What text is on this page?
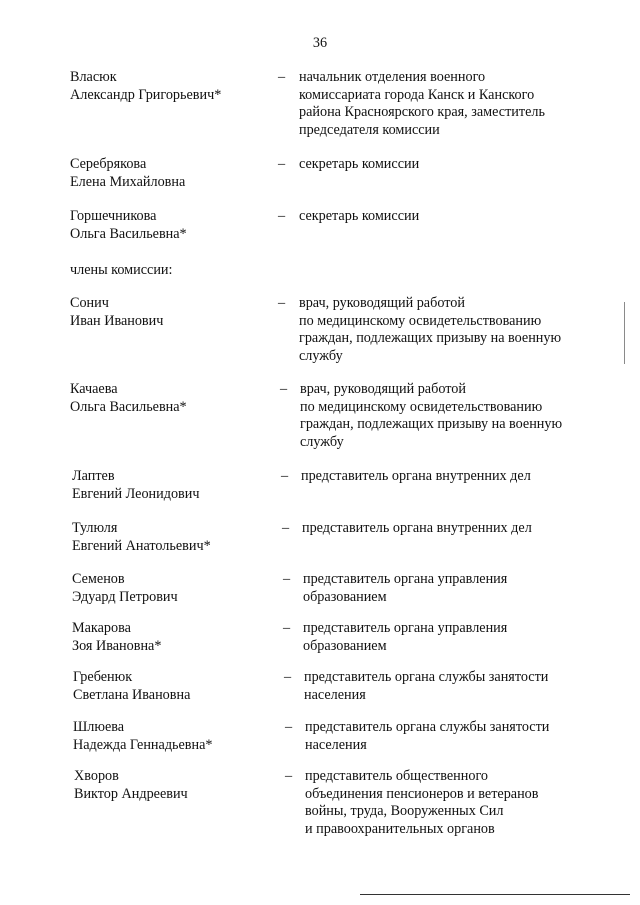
36
Власюк
Александр Григорьевич*
– начальник отделения военного
комиссариата города Канск и Канского
района Красноярского края, заместитель
председателя комиссии
Серебрякова
Елена Михайловна
– секретарь комиссии
Горшечникова
Ольга Васильевна*
– секретарь комиссии
члены комиссии:
Сонич
Иван Иванович
– врач, руководящий работой
по медицинскому освидетельствованию
граждан, подлежащих призыву на военную
службу
Качаева
Ольга Васильевна*
– врач, руководящий работой
по медицинскому освидетельствованию
граждан, подлежащих призыву на военную
службу
Лаптев
Евгений Леонидович
– представитель органа внутренних дел
Тулюля
Евгений Анатольевич*
– представитель органа внутренних дел
Семенов
Эдуард Петрович
– представитель органа управления
образованием
Макарова
Зоя Ивановна*
– представитель органа управления
образованием
Гребенюк
Светлана Ивановна
– представитель органа службы занятости
населения
Шлюева
Надежда Геннадьевна*
– представитель органа службы занятости
населения
Хворов
Виктор Андреевич
– представитель общественного
объединения пенсионеров и ветеранов
войны, труда, Вооруженных Сил
и правоохранительных органов
